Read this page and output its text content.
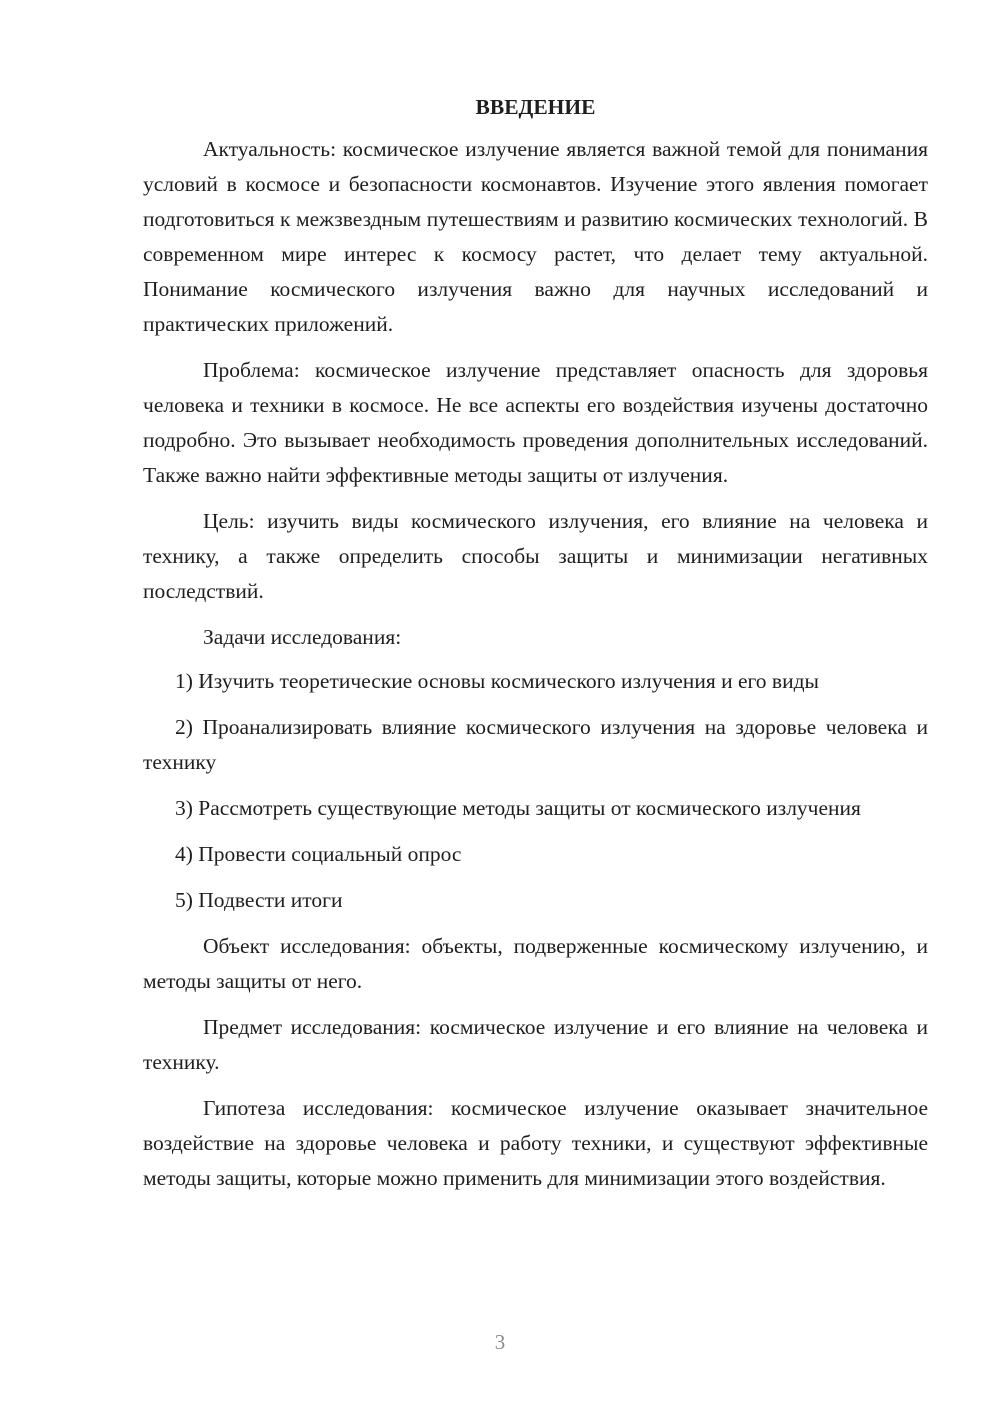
ВВЕДЕНИЕ

Актуальность: космическое излучение является важной темой для понимания условий в космосе и безопасности космонавтов. Изучение этого явления помогает подготовиться к межзвездным путешествиям и развитию космических технологий. В современном мире интерес к космосу растет, что делает тему актуальной. Понимание космического излучения важно для научных исследований и практических приложений.

Проблема: космическое излучение представляет опасность для здоровья человека и техники в космосе. Не все аспекты его воздействия изучены достаточно подробно. Это вызывает необходимость проведения дополнительных исследований. Также важно найти эффективные методы защиты от излучения.

Цель: изучить виды космического излучения, его влияние на человека и технику, а также определить способы защиты и минимизации негативных последствий.

Задачи исследования:

1) Изучить теоретические основы космического излучения и его виды

2) Проанализировать влияние космического излучения на здоровье человека и технику

3) Рассмотреть существующие методы защиты от космического излучения

4) Провести социальный опрос

5) Подвести итоги

Объект исследования: объекты, подверженные космическому излучению, и методы защиты от него.

Предмет исследования: космическое излучение и его влияние на человека и технику.

Гипотеза исследования: космическое излучение оказывает значительное воздействие на здоровье человека и работу техники, и существуют эффективные методы защиты, которые можно применить для минимизации этого воздействия.

3
